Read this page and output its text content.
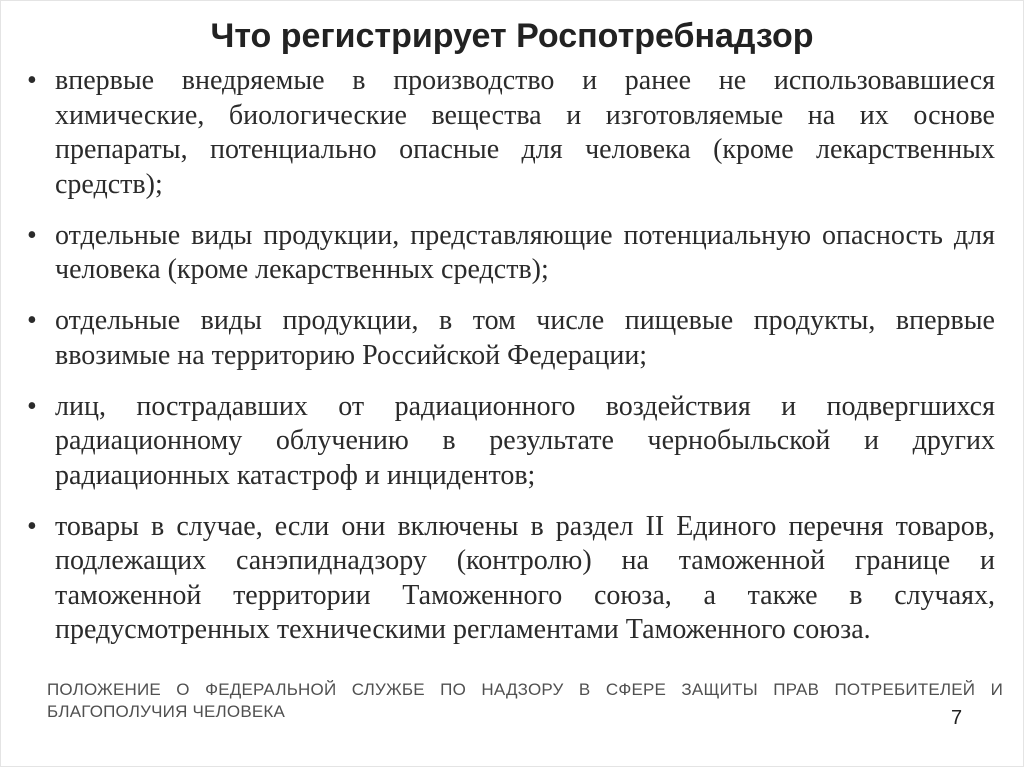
Что регистрирует Роспотребнадзор
• впервые внедряемые в производство и ранее не использовавшиеся химические, биологические вещества и изготовляемые на их основе препараты, потенциально опасные для человека (кроме лекарственных средств);
• отдельные виды продукции, представляющие потенциальную опасность для человека (кроме лекарственных средств);
• отдельные виды продукции, в том числе пищевые продукты, впервые ввозимые на территорию Российской Федерации;
• лиц, пострадавших от радиационного воздействия и подвергшихся радиационному облучению в результате чернобыльской и других радиационных катастроф и инцидентов;
• товары в случае, если они включены в раздел II Единого перечня товаров, подлежащих санэпиднадзору (контролю) на таможенной границе и таможенной территории Таможенного союза, а также в случаях, предусмотренных техническими регламентами Таможенного союза.

ПОЛОЖЕНИЕ О ФЕДЕРАЛЬНОЙ СЛУЖБЕ ПО НАДЗОРУ В СФЕРЕ ЗАЩИТЫ ПРАВ ПОТРЕБИТЕЛЕЙ И БЛАГОПОЛУЧИЯ ЧЕЛОВЕКА	7
